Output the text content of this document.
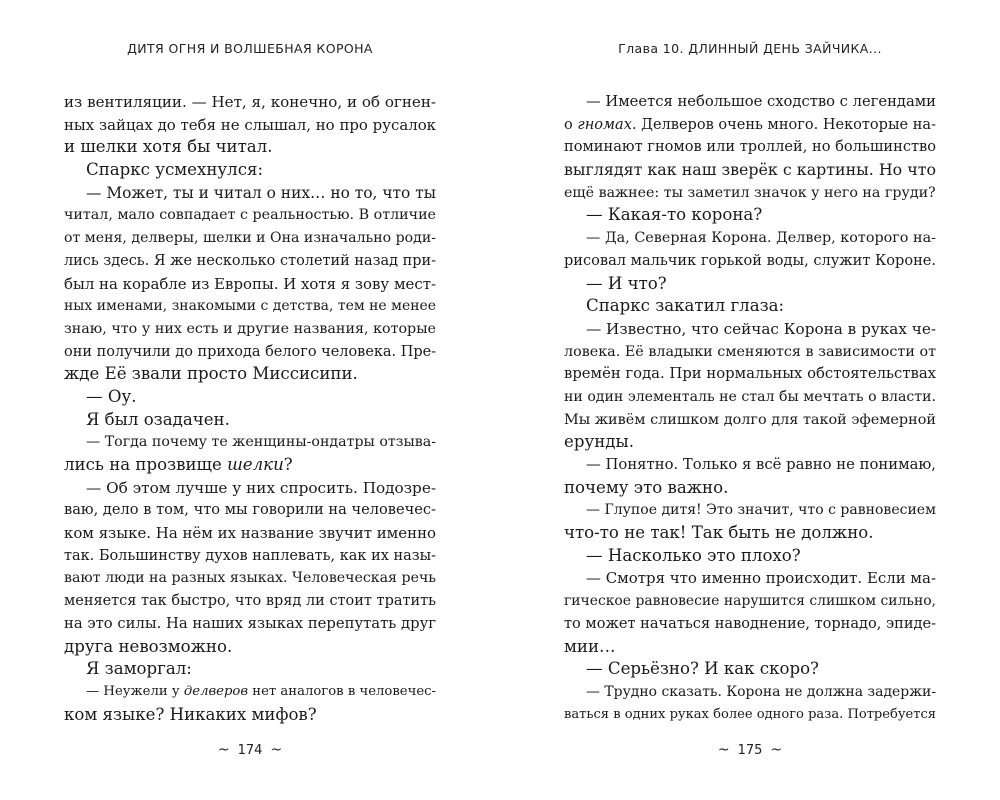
ДИТЯ ОГНЯ И ВОЛШЕБНАЯ КОРОНА
из вентиляции. — Нет, я, конечно, и об огнен-
ных зайцах до тебя не слышал, но про русалок
и шелки хотя бы читал.
Спаркс усмехнулся:
— Может, ты и читал о них… но то, что ты
читал, мало совпадает с реальностью. В отличие
от меня, делверы, шелки и Она изначально роди-
лись здесь. Я же несколько столетий назад при-
был на корабле из Европы. И хотя я зову мест-
ных именами, знакомыми с детства, тем не менее
знаю, что у них есть и другие названия, которые
они получили до прихода белого человека. Пре-
жде Её звали просто Миссисипи.
— Оу.
Я был озадачен.
— Тогда почему те женщины-ондатры отзыва-
лись на прозвище шелки?
— Об этом лучше у них спросить. Подозре-
ваю, дело в том, что мы говорили на человечес-
ком языке. На нём их название звучит именно
так. Большинству духов наплевать, как их назы-
вают люди на разных языках. Человеческая речь
меняется так быстро, что вряд ли стоит тратить
на это силы. На наших языках перепутать друг
друга невозможно.
Я заморгал:
— Неужели у делверов нет аналогов в человечес-
ком языке? Никаких мифов?
~ 174 ~
Глава 10. ДЛИННЫЙ ДЕНЬ ЗАЙЧИКА...
— Имеется небольшое сходство с легендами
о гномах. Делверов очень много. Некоторые на-
поминают гномов или троллей, но большинство
выглядят как наш зверёк с картины. Но что
ещё важнее: ты заметил значок у него на груди?
— Какая-то корона?
— Да, Северная Корона. Делвер, которого на-
рисовал мальчик горькой воды, служит Короне.
— И что?
Спаркс закатил глаза:
— Известно, что сейчас Корона в руках че-
ловека. Её владыки сменяются в зависимости от
времён года. При нормальных обстоятельствах
ни один элементаль не стал бы мечтать о власти.
Мы живём слишком долго для такой эфемерной
ерунды.
— Понятно. Только я всё равно не понимаю,
почему это важно.
— Глупое дитя! Это значит, что с равновесием
что-то не так! Так быть не должно.
— Насколько это плохо?
— Смотря что именно происходит. Если ма-
гическое равновесие нарушится слишком сильно,
то может начаться наводнение, торнадо, эпиде-
мии…
— Серьёзно? И как скоро?
— Трудно сказать. Корона не должна задержи-
ваться в одних руках более одного раза. Потребуется
~ 175 ~
